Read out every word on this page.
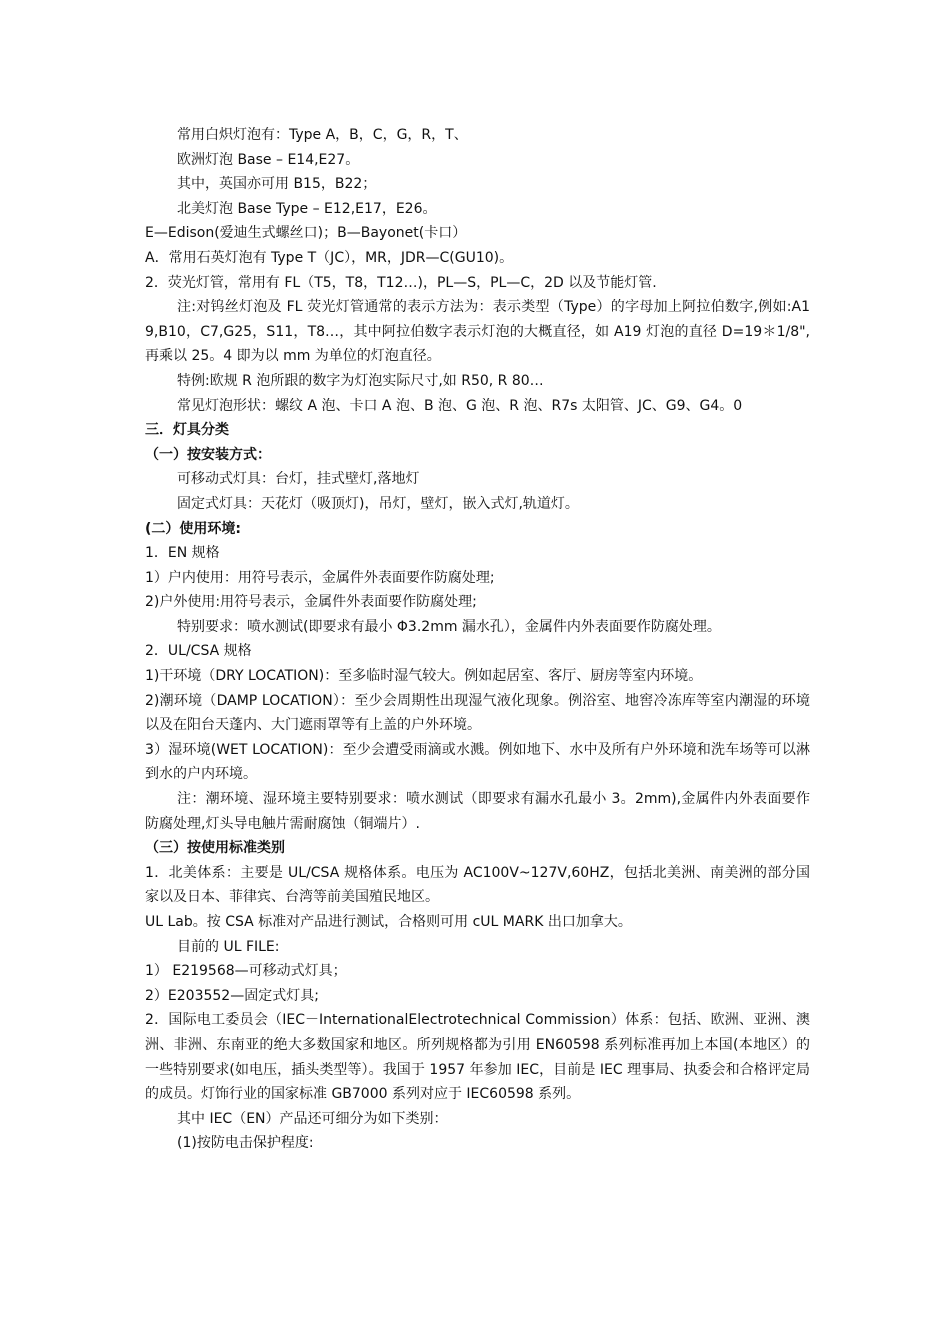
常用白炽灯泡有：Type A，B，C，G，R，T、

欧洲灯泡 Base – E14,E27。

其中，英国亦可用 B15，B22；

北美灯泡 Base Type – E12,E17，E26。

E—Edison(爱迪生式螺丝口)；B—Bayonet(卡口）

A．常用石英灯泡有 Type T（JC），MR，JDR—C(GU10)。

2．荧光灯管，常用有 FL（T5，T8，T12…)，PL—S，PL—C，2D 以及节能灯管.

注:对钨丝灯泡及 FL 荧光灯管通常的表示方法为：表示类型（Type）的字母加上阿拉伯数字,例如:A19,B10，C7,G25，S11，T8…，其中阿拉伯数字表示灯泡的大概直径，如 A19 灯泡的直径 D=19＊1/8",再乘以 25。4 即为以 mm 为单位的灯泡直径。

特例:欧规 R 泡所跟的数字为灯泡实际尺寸,如 R50, R 80…

常见灯泡形状：螺纹 A 泡、卡口 A 泡、B 泡、G 泡、R 泡、R7s 太阳管、JC、G9、G4。0

三．灯具分类

（一）按安装方式：

可移动式灯具：台灯，挂式壁灯,落地灯

固定式灯具：天花灯（吸顶灯)，吊灯，壁灯，嵌入式灯,轨道灯。

(二）使用环境:

1．EN 规格

1）户内使用：用符号表示，金属件外表面要作防腐处理;

2)户外使用:用符号表示，金属件外表面要作防腐处理;

特别要求：喷水测试(即要求有最小 Φ3.2mm 漏水孔），金属件内外表面要作防腐处理。

2．UL/CSA 规格

1)干环境（DRY LOCATION)：至多临时湿气较大。例如起居室、客厅、厨房等室内环境。

2)潮环境（DAMP LOCATION）：至少会周期性出现湿气液化现象。例浴室、地窖冷冻库等室内潮湿的环境以及在阳台天蓬内、大门遮雨罩等有上盖的户外环境。

3）湿环境(WET LOCATION)：至少会遭受雨滴或水溅。例如地下、水中及所有户外环境和洗车场等可以淋到水的户内环境。

注：潮环境、湿环境主要特别要求：喷水测试（即要求有漏水孔最小 3。2mm),金属件内外表面要作防腐处理,灯头导电触片需耐腐蚀（铜端片）.

（三）按使用标准类别

1．北美体系：主要是 UL/CSA 规格体系。电压为 AC100V~127V,60HZ，包括北美洲、南美洲的部分国家以及日本、菲律宾、台湾等前美国殖民地区。

UL Lab。按 CSA 标准对产品进行测试，合格则可用 cUL MARK 出口加拿大。

目前的 UL FILE:

1） E219568—可移动式灯具；

2）E203552—固定式灯具;

2．国际电工委员会（IEC－InternationalElectrotechnical Commission）体系：包括、欧洲、亚洲、澳洲、非洲、东南亚的绝大多数国家和地区。所列规格都为引用 EN60598 系列标准再加上本国(本地区）的一些特别要求(如电压，插头类型等）。我国于 1957 年参加 IEC，目前是 IEC 理事局、执委会和合格评定局的成员。灯饰行业的国家标准 GB7000 系列对应于 IEC60598 系列。

其中 IEC（EN）产品还可细分为如下类别：

(1)按防电击保护程度:
